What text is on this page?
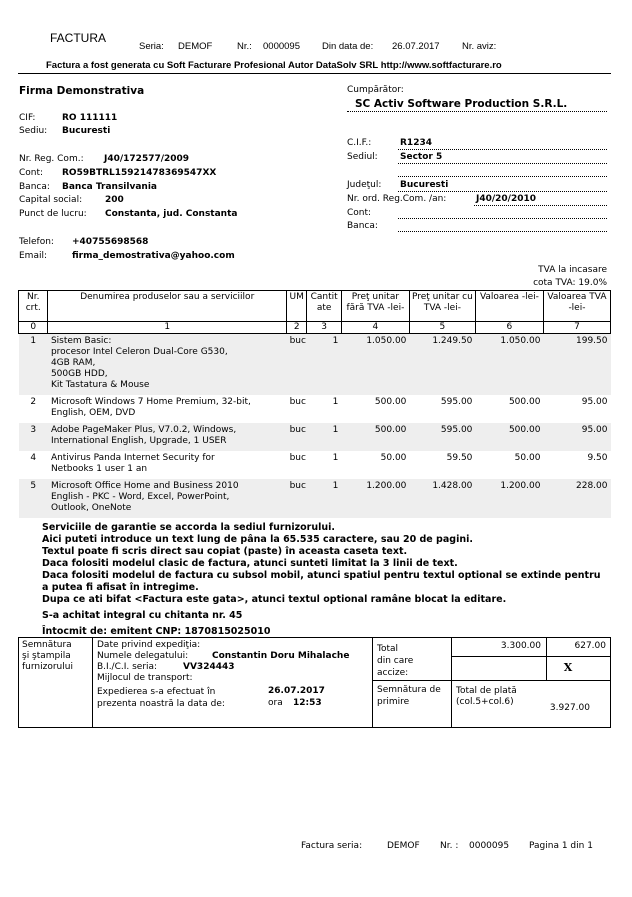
FACTURA
Seria: DEMOF	Nr.: 0000095 Din data de: 26.07.2017 Nr. aviz:
Factura a fost generata cu Soft Facturare Profesional Autor DataSolv SRL http://www.softfacturare.ro
Firma Demonstrativa
CIF:	RO 111111
Sediu: Bucuresti
Nr. Reg. Com.: J40/172577/2009
Cont: RO59BTRL15921478369547XX
Banca: Banca Transilvania
Capital social:	200
Punct de lucru: Constanta, jud. Constanta
Telefon: +40755698568
Email:	firma_demostrativa@yahoo.com
Cumpărător:
SC Activ Software Production S.R.L.
C.I.F.:	R1234
Sediul: Sector 5
Judeţul: Bucuresti
Nr. ord. Reg.Com. /an:	J40/20/2010
Cont:
Banca:
TVA la incasare
cota TVA: 19.0%
Nr. crt.	Denumirea produselor sau a serviciilor	UM	Cantitate	Preţ unitar fără TVA -lei-	Preţ unitar cu TVA -lei-	Valoarea -lei-	Valoarea TVA -lei-
0	1	2	3	4	5	6	7
1	Sistem Basic:
procesor Intel Celeron Dual-Core G530,
4GB RAM,
500GB HDD,
Kit Tastatura & Mouse	buc	1	1.050.00	1.249.50	1.050.00	199.50
2	Microsoft Windows 7 Home Premium, 32-bit,
English, OEM, DVD	buc	1	500.00	595.00	500.00	95.00
3	Adobe PageMaker Plus, V7.0.2, Windows,
International English, Upgrade, 1 USER	buc	1	500.00	595.00	500.00	95.00
4	Antivirus Panda Internet Security for
Netbooks 1 user 1 an	buc	1	50.00	59.50	50.00	9.50
5	Microsoft Office Home and Business 2010
English - PKC - Word, Excel, PowerPoint,
Outlook, OneNote	buc	1	1.200.00	1.428.00	1.200.00	228.00
Serviciile de garantie se accorda la sediul furnizorului.
Aici puteti introduce un text lung de pâna la 65.535 caractere, sau 20 de pagini.
Textul poate fi scris direct sau copiat (paste) în aceasta caseta text.
Daca folositi modelul clasic de factura, atunci sunteti limitat la 3 linii de text.
Daca folositi modelul de factura cu subsol mobil, atunci spatiul pentru textul optional se extinde pentru a putea fi afisat în intregime.
Dupa ce ati bifat <Factura este gata>, atunci textul optional ramâne blocat la editare.
S-a achitat integral cu chitanta nr. 45
Întocmit de: emitent CNP: 1870815025010
Semnătura
şi ştampila
furnizorului
Date privind expediţia:
Numele delegatului:	Constantin Doru Mihalache
B.I./C.I. seria:	VV324443
Mijlocul de transport:
Expedierea s-a efectuat în
prezenta noastră la data de:
26.07.2017
ora 12:53
Total
din care
accize:
3.300.00	627.00
X
Semnătura de
primire
Total de plată
(col.5+col.6)
3.927.00
Factura seria:	DEMOF Nr. : 0000095 Pagina 1 din 1
